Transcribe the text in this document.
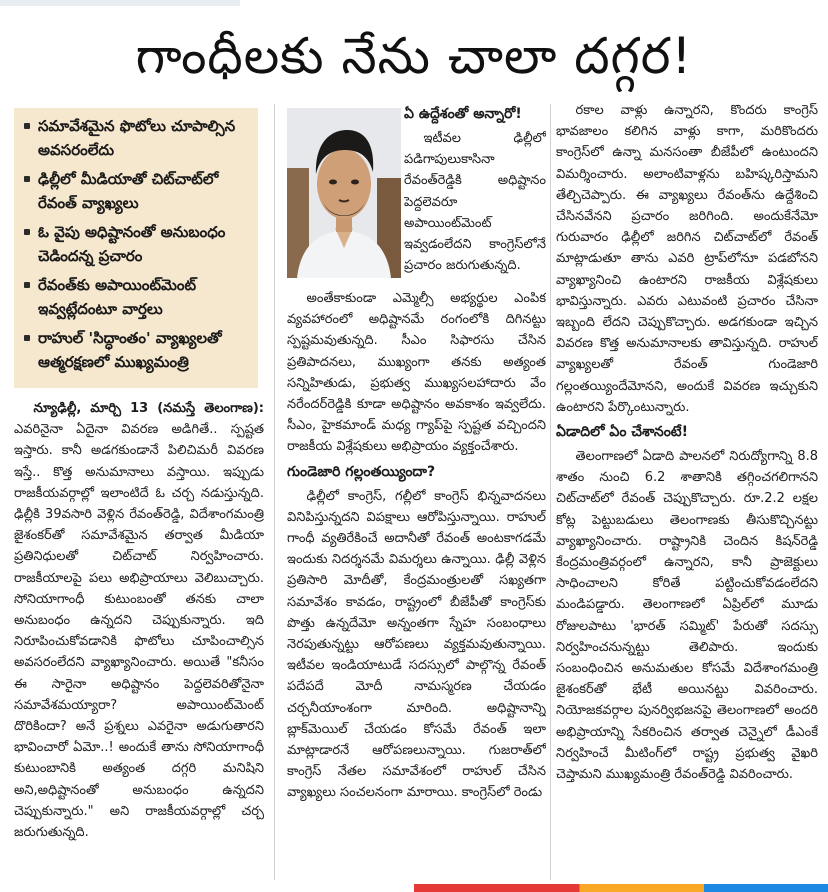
గాంధీలకు నేను చాలా దగ్గర!
సమావేశమైన ఫొటోలు చూపాల్సిన అవసరంలేదు
ఢిల్లీలో మీడియాతో చిట్‌చాట్‌లో రేవంత్ వ్యాఖ్యలు
ఓ వైపు అధిష్టానంతో అనుబంధం చెడిందన్న ప్రచారం
రేవంత్‌కు అపాయింట్‌మెంట్ ఇవ్వట్లేదంటూ వార్తలు
రాహుల్ 'సిద్ధాంతం' వ్యాఖ్యలతో ఆత్మరక్షణలో ముఖ్యమంత్రి

న్యూఢిల్లీ, మార్చి 13 (నమస్తే తెలంగాణ): ఎవరినైనా ఏదైనా వివరణ అడిగితే.. స్పష్టత ఇస్తారు. కానీ అడగకుండానే పిలిచిమరీ వివరణ ఇస్తే.. కొత్త అనుమానాలు వస్తాయి. ఇప్పుడు రాజకీయవర్గాల్లో ఇలాంటిదే ఓ చర్చ నడుస్తున్నది. ఢిల్లీకి 39వసారి వెళ్లిన రేవంత్‌రెడ్డి, విదేశాంగమంత్రి జైశంకర్‌తో సమావేశమైన తర్వాత మీడియా ప్రతినిధులతో చిట్‌చాట్ నిర్వహించారు. రాజకీయాలపై పలు అభిప్రాయాలు వెలిబుచ్చారు. సోనియాగాంధీ కుటుంబంతో తనకు చాలా అనుబంధం ఉన్నదని చెప్పుకున్నారు. ఇది నిరూపించుకోవడానికి ఫొటోలు చూపించాల్సిన అవసరంలేదని వ్యాఖ్యానించారు. అయితే "కనీసం ఈ సారైనా అధిష్టానం పెద్దలెవరితోనైనా సమావేశమయ్యారా? అపాయింట్‌మెంట్ దొరికిందా? అనే ప్రశ్నలు ఎవరైనా అడుగుతారని భావించారో ఏమో..! అందుకే తాను సోనియాగాంధీ కుటుంబానికి అత్యంత దగ్గరి మనిషిని అని,అధిష్టానంతో అనుబంధం ఉన్నదని చెప్పుకున్నారు." అని రాజకీయవర్గాల్లో చర్చ జరుగుతున్నది.

ఏ ఉద్దేశంతో అన్నారో!

ఇటీవల ఢిల్లీలో పడిగాపులుకాసినా రేవంత్‌రెడ్డికి అధిష్టానం పెద్దలెవరూ అపాయింట్‌మెంట్ ఇవ్వడంలేదని కాంగ్రెస్‌లోనే ప్రచారం జరుగుతున్నది.

అంతేకాకుండా ఎమ్మెల్సీ అభ్యర్థుల ఎంపిక వ్యవహారంలో అధిష్టానమే రంగంలోకి దిగినట్టు స్పష్టమవుతున్నది. సీఎం సిఫారసు చేసిన ప్రతిపాదనలు, ముఖ్యంగా తనకు అత్యంత సన్నిహితుడు, ప్రభుత్వ ముఖ్యసలహాదారు వేం నరేందర్‌రెడ్డికి కూడా అధిష్టానం అవకాశం ఇవ్వలేదు. సీఎం, హైకమాండ్ మధ్య గ్యాప్‌పై స్పష్టత వచ్చిందని రాజకీయ విశ్లేషకులు అభిప్రాయం వ్యక్తంచేశారు.

గుండెజారి గల్లంతయ్యిందా?

ఢిల్లీలో కాంగ్రెస్, గల్లీలో కాంగ్రెస్ భిన్నవాదనలు వినిపిస్తున్నదని విపక్షాలు ఆరోపిస్తున్నాయి. రాహుల్ గాంధీ వ్యతిరేకించే అదానీతో రేవంత్ అంటకాగడమే ఇందుకు నిదర్శనమే విమర్శలు ఉన్నాయి. ఢిల్లీ వెళ్లిన ప్రతిసారి మోదీతో, కేంద్రమంత్రులతో సఖ్యతగా సమావేశం కావడం, రాష్ట్రంలో బీజేపీతో కాంగ్రెస్‌కు పొత్తు ఉన్నదేమో అన్నంతగా స్నేహ సంబంధాలు నెరపుతున్నట్టు ఆరోపణలు వ్యక్తమవుతున్నాయి. ఇటీవల ఇండియాటుడే సదస్సులో పాల్గొన్న రేవంత్ పదేపదే మోదీ నామస్మరణ చేయడం చర్చనీయాంశంగా మారింది. అధిష్టానాన్ని బ్లాక్‌మెయిల్ చేయడం కోసమే రేవంత్ ఇలా మాట్లాడారనే ఆరోపణలున్నాయి. గుజరాత్‌లో కాంగ్రెస్ నేతల సమావేశంలో రాహుల్ చేసిన వ్యాఖ్యలు సంచలనంగా మారాయి. కాంగ్రెస్‌లో రెండు

రకాల వాళ్లు ఉన్నారని, కొందరు కాంగ్రెస్ భావజాలం కలిగిన వాళ్లు కాగా, మరికొందరు కాంగ్రెస్‌లో ఉన్నా మనసంతా బీజేపీలో ఉంటుందని విమర్శించారు. అలాంటివాళ్లను బహిష్కరిస్తామని తేల్చిచెప్పారు. ఈ వ్యాఖ్యలు రేవంత్‌ను ఉద్దేశించి చేసినవేనని ప్రచారం జరిగింది. అందుకేనేమో గురువారం ఢిల్లీలో జరిగిన చిట్‌చాట్‌లో రేవంత్ మాట్లాడుతూ తాను ఎవరి ట్రాప్‌లోనూ పడబోనని వ్యాఖ్యానించి ఉంటారని రాజకీయ విశ్లేషకులు భావిస్తున్నారు. ఎవరు ఎటువంటి ప్రచారం చేసినా ఇబ్బంది లేదని చెప్పుకొచ్చారు. అడగకుండా ఇచ్చిన వివరణ కొత్త అనుమానాలకు తావిస్తున్నది. రాహుల్ వ్యాఖ్యలతో రేవంత్ గుండెజారి గల్లంతయ్యిందేమోనని, అందుకే వివరణ ఇచ్చుకుని ఉంటారని పేర్కొంటున్నారు.

ఏడాదిలో ఏం చేశానంటే!

తెలంగాణలో ఏడాది పాలనలో నిరుద్యోగాన్ని 8.8 శాతం నుంచి 6.2 శాతానికి తగ్గించగలిగానని చిట్‌చాట్‌లో రేవంత్ చెప్పుకొచ్చారు. రూ.2.2 లక్షల కోట్ల పెట్టుబడులు తెలంగాణకు తీసుకొచ్చినట్టు వ్యాఖ్యానించారు. రాష్ట్రానికి చెందిన కిషన్‌రెడ్డి కేంద్రమంత్రివర్గంలో ఉన్నారని, కానీ ప్రాజెక్టులు సాధించాలని కోరితే పట్టించుకోవడంలేదని మండిపడ్డారు. తెలంగాణలో ఏప్రిల్‌లో మూడు రోజులపాటు 'భారత్ సమ్మిట్' పేరుతో సదస్సు నిర్వహించనున్నట్టు తెలిపారు. ఇందుకు సంబంధించిన అనుమతుల కోసమే విదేశాంగమంత్రి జైశంకర్‌తో భేటీ అయినట్టు వివరించారు. నియోజకవర్గాల పునర్విభజనపై తెలంగాణలో అందరి అభిప్రాయాన్ని సేకరించిన తర్వాత చెన్నైలో డీఎంకే నిర్వహించే మీటింగ్‌లో రాష్ట్ర ప్రభుత్వ వైఖరి చెప్తామని ముఖ్యమంత్రి రేవంత్‌రెడ్డి వివరించారు.
